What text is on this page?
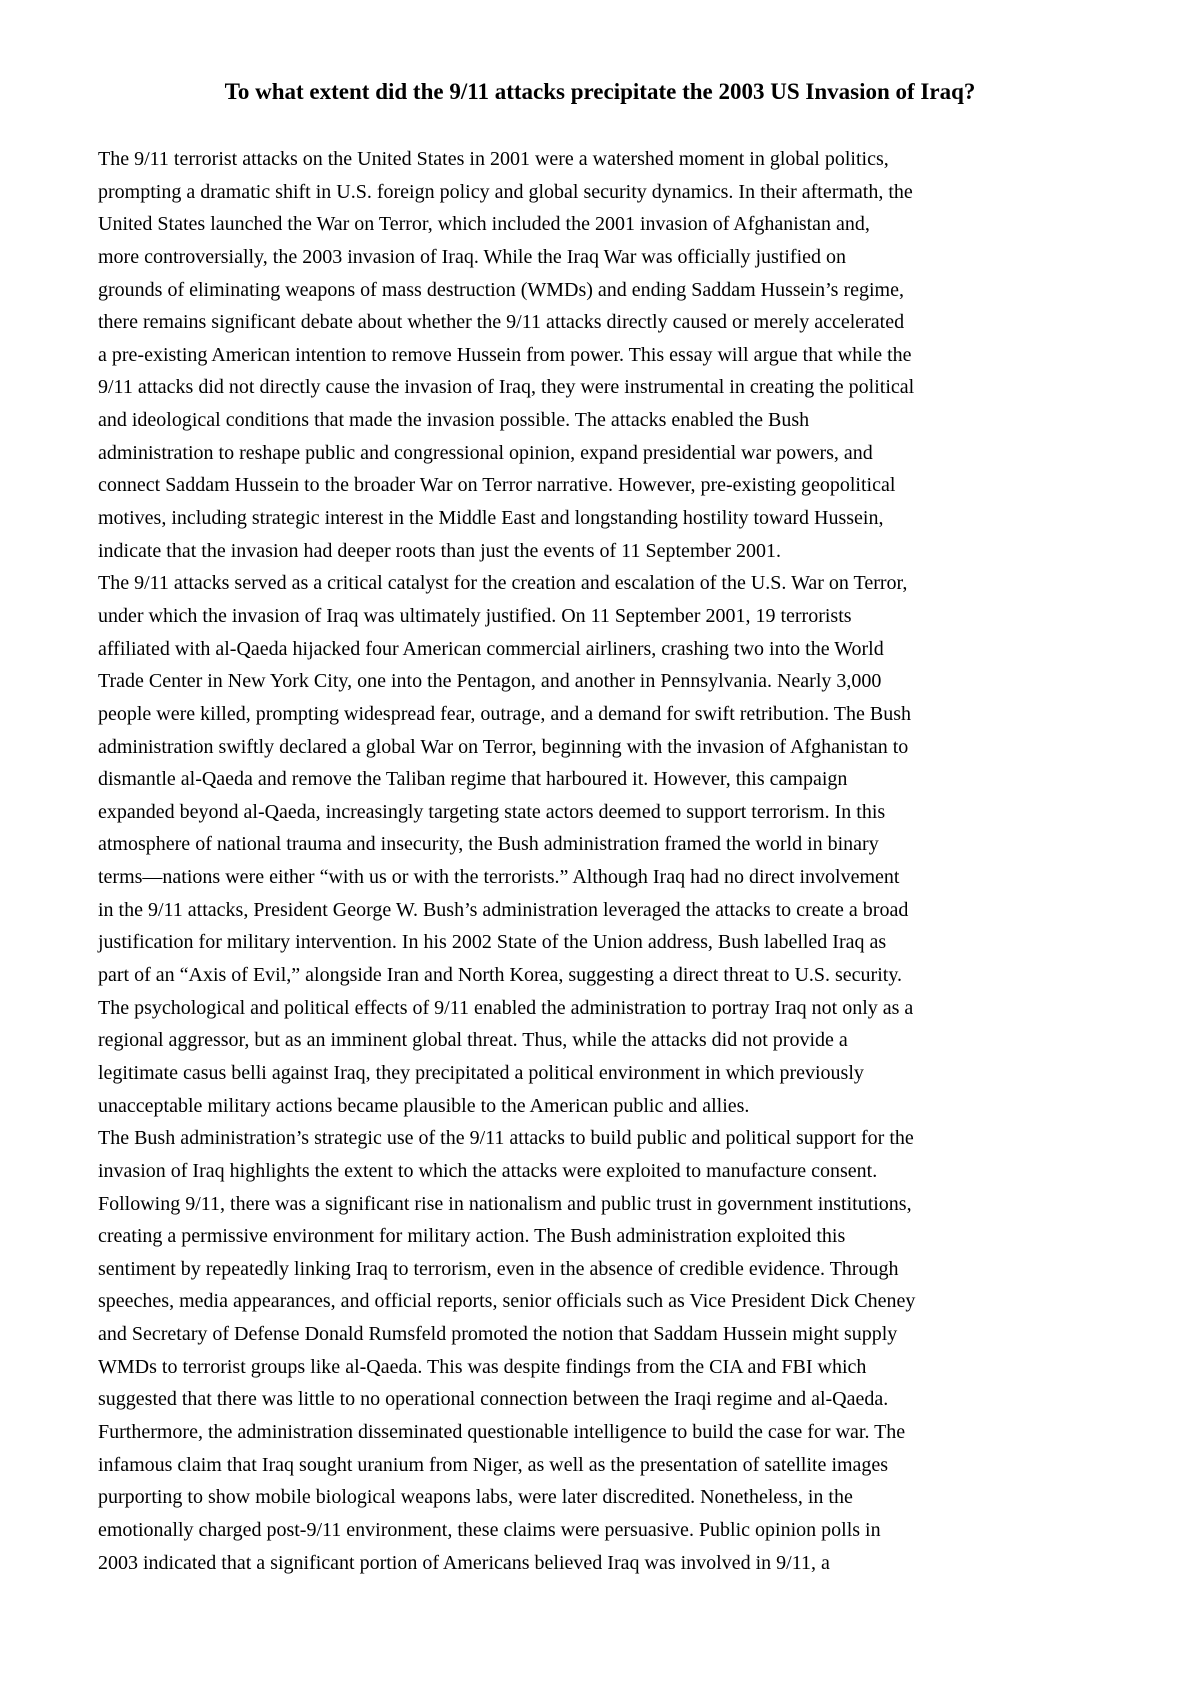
To what extent did the 9/11 attacks precipitate the 2003 US Invasion of Iraq?
The 9/11 terrorist attacks on the United States in 2001 were a watershed moment in global politics,
prompting a dramatic shift in U.S. foreign policy and global security dynamics. In their aftermath, the
United States launched the War on Terror, which included the 2001 invasion of Afghanistan and,
more controversially, the 2003 invasion of Iraq. While the Iraq War was officially justified on
grounds of eliminating weapons of mass destruction (WMDs) and ending Saddam Hussein’s regime,
there remains significant debate about whether the 9/11 attacks directly caused or merely accelerated
a pre-existing American intention to remove Hussein from power. This essay will argue that while the
9/11 attacks did not directly cause the invasion of Iraq, they were instrumental in creating the political
and ideological conditions that made the invasion possible. The attacks enabled the Bush
administration to reshape public and congressional opinion, expand presidential war powers, and
connect Saddam Hussein to the broader War on Terror narrative. However, pre-existing geopolitical
motives, including strategic interest in the Middle East and longstanding hostility toward Hussein,
indicate that the invasion had deeper roots than just the events of 11 September 2001.
The 9/11 attacks served as a critical catalyst for the creation and escalation of the U.S. War on Terror,
under which the invasion of Iraq was ultimately justified. On 11 September 2001, 19 terrorists
affiliated with al-Qaeda hijacked four American commercial airliners, crashing two into the World
Trade Center in New York City, one into the Pentagon, and another in Pennsylvania. Nearly 3,000
people were killed, prompting widespread fear, outrage, and a demand for swift retribution. The Bush
administration swiftly declared a global War on Terror, beginning with the invasion of Afghanistan to
dismantle al-Qaeda and remove the Taliban regime that harboured it. However, this campaign
expanded beyond al-Qaeda, increasingly targeting state actors deemed to support terrorism. In this
atmosphere of national trauma and insecurity, the Bush administration framed the world in binary
terms—nations were either “with us or with the terrorists.” Although Iraq had no direct involvement
in the 9/11 attacks, President George W. Bush’s administration leveraged the attacks to create a broad
justification for military intervention. In his 2002 State of the Union address, Bush labelled Iraq as
part of an “Axis of Evil,” alongside Iran and North Korea, suggesting a direct threat to U.S. security.
The psychological and political effects of 9/11 enabled the administration to portray Iraq not only as a
regional aggressor, but as an imminent global threat. Thus, while the attacks did not provide a
legitimate casus belli against Iraq, they precipitated a political environment in which previously
unacceptable military actions became plausible to the American public and allies.
The Bush administration’s strategic use of the 9/11 attacks to build public and political support for the
invasion of Iraq highlights the extent to which the attacks were exploited to manufacture consent.
Following 9/11, there was a significant rise in nationalism and public trust in government institutions,
creating a permissive environment for military action. The Bush administration exploited this
sentiment by repeatedly linking Iraq to terrorism, even in the absence of credible evidence. Through
speeches, media appearances, and official reports, senior officials such as Vice President Dick Cheney
and Secretary of Defense Donald Rumsfeld promoted the notion that Saddam Hussein might supply
WMDs to terrorist groups like al-Qaeda. This was despite findings from the CIA and FBI which
suggested that there was little to no operational connection between the Iraqi regime and al-Qaeda.
Furthermore, the administration disseminated questionable intelligence to build the case for war. The
infamous claim that Iraq sought uranium from Niger, as well as the presentation of satellite images
purporting to show mobile biological weapons labs, were later discredited. Nonetheless, in the
emotionally charged post-9/11 environment, these claims were persuasive. Public opinion polls in
2003 indicated that a significant portion of Americans believed Iraq was involved in 9/11, a
